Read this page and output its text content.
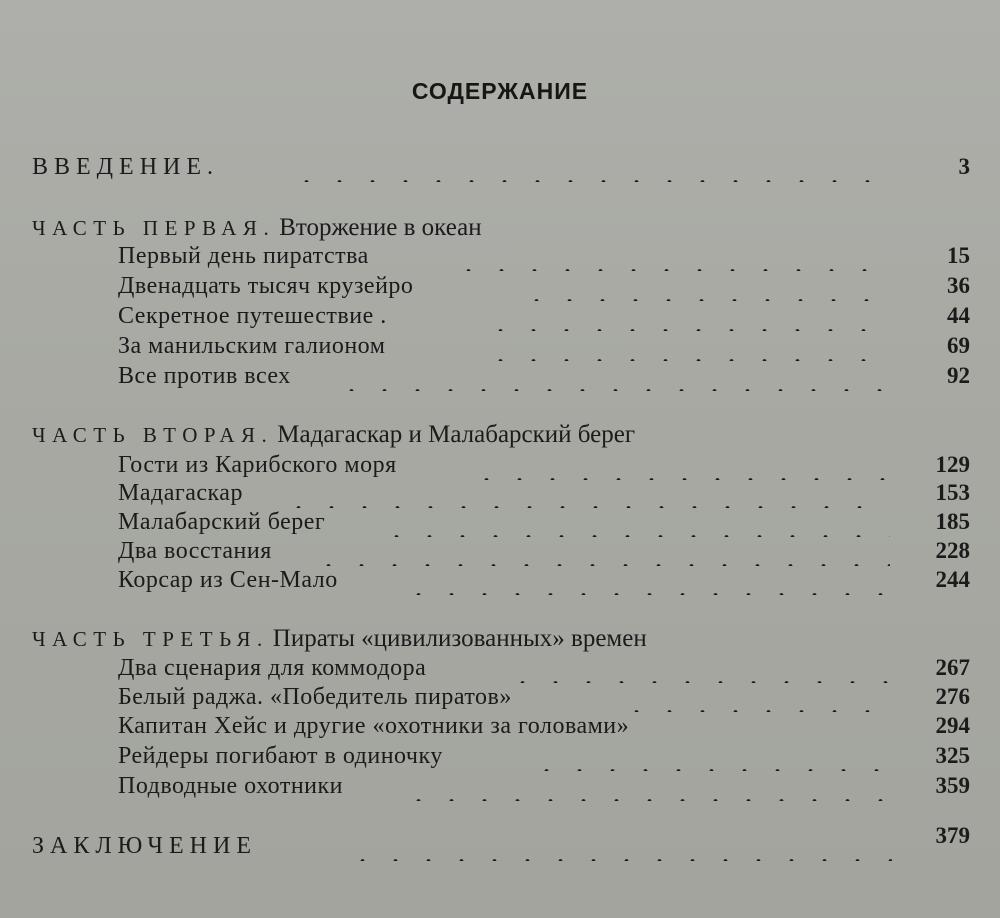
СОДЕРЖАНИЕ
ВВЕДЕНИЕ.	3
ЧАСТЬ ПЕРВАЯ. Вторжение в океан
Первый день пиратства	15
Двенадцать тысяч крузейро	36
Секретное путешествие .	44
За манильским галионом	69
Все против всех	92
ЧАСТЬ ВТОРАЯ. Мадагаскар и Малабарский берег
Гости из Карибского моря	129
Мадагаскар	153
Малабарский берег	185
Два восстания	228
Корсар из Сен-Мало	244
ЧАСТЬ ТРЕТЬЯ. Пираты «цивилизованных» времен
Два сценария для коммодора	267
Белый раджа. «Победитель пиратов»	276
Капитан Хейс и другие «охотники за головами»	294
Рейдеры погибают в одиночку	325
Подводные охотники	359
ЗАКЛЮЧЕНИЕ	379
